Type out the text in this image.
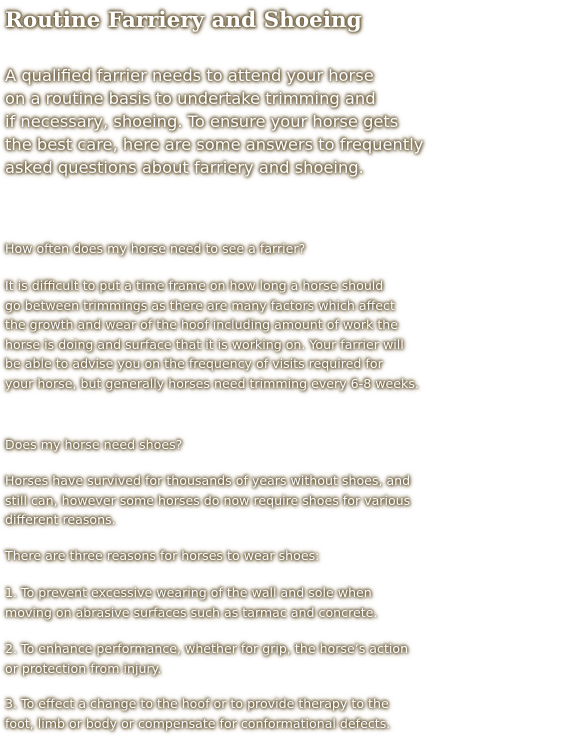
Routine Farriery and Shoeing
A qualified farrier needs to attend your horse
on a routine basis to undertake trimming and
if necessary, shoeing. To ensure your horse gets
the best care, here are some answers to frequently
asked questions about farriery and shoeing.
How often does my horse need to see a farrier?
It is difficult to put a time frame on how long a horse should
go between trimmings as there are many factors which affect
the growth and wear of the hoof including amount of work the
horse is doing and surface that it is working on. Your farrier will
be able to advise you on the frequency of visits required for
your horse, but generally horses need trimming every 6-8 weeks.
Does my horse need shoes?
Horses have survived for thousands of years without shoes, and
still can, however some horses do now require shoes for various
different reasons.
There are three reasons for horses to wear shoes:
1. To prevent excessive wearing of the wall and sole when
moving on abrasive surfaces such as tarmac and concrete.
2. To enhance performance, whether for grip, the horse’s action
or protection from injury.
3. To effect a change to the hoof or to provide therapy to the
foot, limb or body or compensate for conformational defects.
